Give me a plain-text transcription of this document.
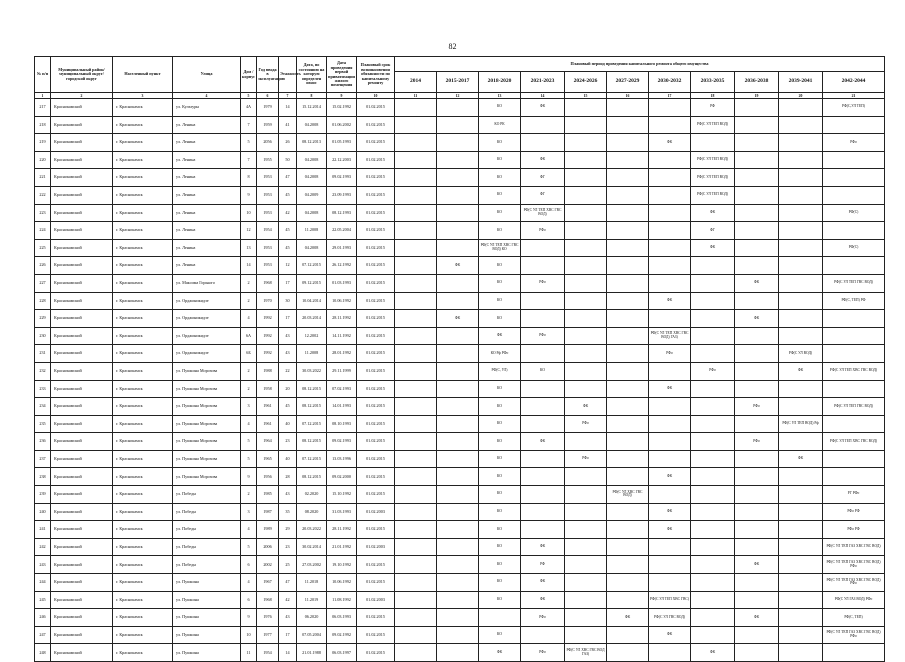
82
№ п/п	Муниципальный район/муниципальный округ/городской округ	Населенный пункт	Улица	Дом / корпус	Год ввода в эксплуатацию	Этажность	Дата, по состоянию на которую определен износ	Дата проведения первой приватизации жилого помещения	Плановый срок возникновения обязанности по капитальному ремонту	Плановый период проведения капитального ремонта общего имущества										
										2014	2015-2017	2018-2020	2021-2023	2024-2026	2027-2029	2030-2032	2033-2035	2036-2038	2039-2041	2042-2044
1	2	3	4	5	6	7	8	9	10	11	12	13	14	15	16	17	18	19	20	21
217	Краснокамский	г. Краснокамск	ул. Культуры	4А	1979	14	15.12.2014	15.02.1992	01.02.2015			КО	ФК				РФ			РФ(С,УЛ ТЕП)
218	Краснокамский	г. Краснокамск	ул. Ленина	7	1959	41	04.2008	01.06.2002	01.02.2015			КО РК					РФ(С УЛ ТЕП ВОД)			
219	Краснокамский	г. Краснокамск	ул. Ленина	5	2056	26	08.12.2013	01.05.1993	01.02.2015			КО				ФК				РФо
220	Краснокамский	г. Краснокамск	ул. Ленина	7	1955	50	04.2008	22.12.2003	01.02.2015			КО	ФК				РФ(С УЛ ТЕП ВОД)			
221	Краснокамский	г. Краснокамск	ул. Ленина	8	1953	47	04.2008	09.02.1993	01.02.2015			КО	ФГ				РФ(С УЛ ТЕП ВОД)			
222	Краснокамский	г. Краснокамск	ул. Ленина	9	1953	45	04.2009	23.09.1993	01.02.2015			КО	ФГ				РФ(С УЛ ТЕП ВОД)			
223	Краснокамский	г. Краснокамск	ул. Ленина	10	1953	42	04.2008	08.12.1993	01.02.2015			КО	РФ(С УЛ ТЕП ХВС ГВС ВОД)				ФК			РФ(С)
224	Краснокамский	г. Краснокамск	ул. Ленина	12	1954	45	11.2008	22.05.2004	01.02.2015			КО	РФо				ФГ			
225	Краснокамский	г. Краснокамск	ул. Ленина	13	1953	45	04.2008	29.01.1993	01.02.2015			РФ(С УЛ ТЕП ХВС ГВС ВОД) КО					ФК			РФ(С)
226	Краснокамский	г. Краснокамск	ул. Ленина	14	1953	12	07.12.2015	26.12.1992	01.02.2015		ФК	КО								
227	Краснокамский	г. Краснокамск	ул. Максима Горького	2	1968	17	09.12.2015	01.03.1993	01.02.2015			КО	РФо					ФК		РФ(С УЛ ТЕП ГВС ВОД)
228	Краснокамский	г. Краснокамск	ул. Орджоникидзе	2	1970	30	10.04.2014	10.06.1992	01.02.2015			КО				ФК				РФ(С, ТЕП) РФ
229	Краснокамский	г. Краснокамск	ул. Орджоникидзе	4	1992	17	20.03.2014	28.11.1992	01.02.2015		ФК	КО						ФК		
230	Краснокамский	г. Краснокамск	ул. Орджоникидзе	6А	1992	43	12.2002	14.11.1992	01.02.2015			ФК	РФо			РФ(С УЛ ТЕП ХВС ГВС ВОД) ГАЗ)				
231	Краснокамский	г. Краснокамск	ул. Орджоникидзе	6Б	1992	43	11.2008	28.01.1992	01.02.2015			КО Рф РФо				РФо			РФ(С УЛ ВОД)	
232	Краснокамский	г. Краснокамск	ул. Пушкина Морозова	2	1988	22	30.03.2022	29.11.1999	01.02.2015			РФ(С, УЛ)	КО				РФо		ФК	РФ(С УЛ ТЕП ХВС ГВС ВОД)
233	Краснокамский	г. Краснокамск	ул. Пушкина Морозова	2	1958	20	08.12.2015	07.02.1993	01.02.2015			КО				ФК				
234	Краснокамский	г. Краснокамск	ул. Пушкина Морозова	3	1961	45	08.12.2015	14.01.1993	01.02.2015			КО		ФК				РФо		РФ(С УЛ ТЕП ГВС ВОД)
235	Краснокамский	г. Краснокамск	ул. Пушкина Морозова	4	1961	40	07.12.2015	08.10.1993	01.02.2015			КО		РФо					РФ(С УЛ ТЕП ВОД) Рф	
236	Краснокамский	г. Краснокамск	ул. Пушкина Морозова	5	1964	23	08.12.2015	09.02.1993	01.02.2015			КО	ФК					РФо		РФ(С УЛ ТЕП ХВС ГВС ВОД)
237	Краснокамский	г. Краснокамск	ул. Пушкина Морозова	5	1965	40	07.12.2015	13.03.1996	01.02.2015			КО		РФо					ФК	
238	Краснокамский	г. Краснокамск	ул. Пушкина Морозова	9	1956	28	08.12.2015	09.02.2000	01.02.2015			КО				ФК				
239	Краснокамский	г. Краснокамск	ул. Победы	2	1985	43	02.2020	15.10.1992	01.02.2015			КО			РФ(С УЛ ХВС ГВС ВОД)					РГ РФо
240	Краснокамский	г. Краснокамск	ул. Победы	3	1987	35	08.2020	31.03.1993	01.02.2003			КО				ФК				РФо РФ
241	Краснокамский	г. Краснокамск	ул. Победы	4	1989	29	20.03.2022	28.11.1992	01.02.2015			КО				ФК				РФо РФ
242	Краснокамский	г. Краснокамск	ул. Победы	5	2006	23	30.02.2014	21.01.1992	01.02.2003			КО	ФК							РФ(С УЛ ТЕП ГАЗ ХВС ГВС ВОД)
243	Краснокамский	г. Краснокамск	ул. Победы	6	2002	25	27.03.2002	19.10.1992	01.02.2015			КО	РФ					ФК		РФ(С УЛ ТЕП ГАЗ ХВС ГВС ВОД) РФо
244	Краснокамский	г. Краснокамск	ул. Пушкина	4	1967	47	11.2018	10.06.1992	01.02.2015			КО	ФК							РФ(С УЛ ТЕП ГАЗ ХВС ГВС ВОД) РФо
245	Краснокамский	г. Краснокамск	ул. Пушкина	6	1968	42	11.2019	11.08.1992	01.02.2003			КО	ФК			РФ(С УЛ ТЕП ХВС ГВС)				РФ(С УЛ ГАЗ ВОД) РФо
246	Краснокамский	г. Краснокамск	ул. Пушкина	9	1976	43	06.2020	06.03.1993	01.02.2015				РФо		ФК	РФ(С УЛ ГВС ВОД)		ФК		РФ(С, ТЕП)
247	Краснокамский	г. Краснокамск	ул. Пушкина	10	1977	17	07.05.2004	09.02.1992	01.02.2015			КО				ФК				РФ(С УЛ ТЕП ГАЗ ХВС ГВС ВОД) РФо
248	Краснокамский	г. Краснокамск	ул. Пушкина	11	1954	14	21.01.1988	06.03.1997	01.02.2015			ФК	РФо	РФ(С УЛ ХВС ГВС ВОД ГАЗ)			ФК			
